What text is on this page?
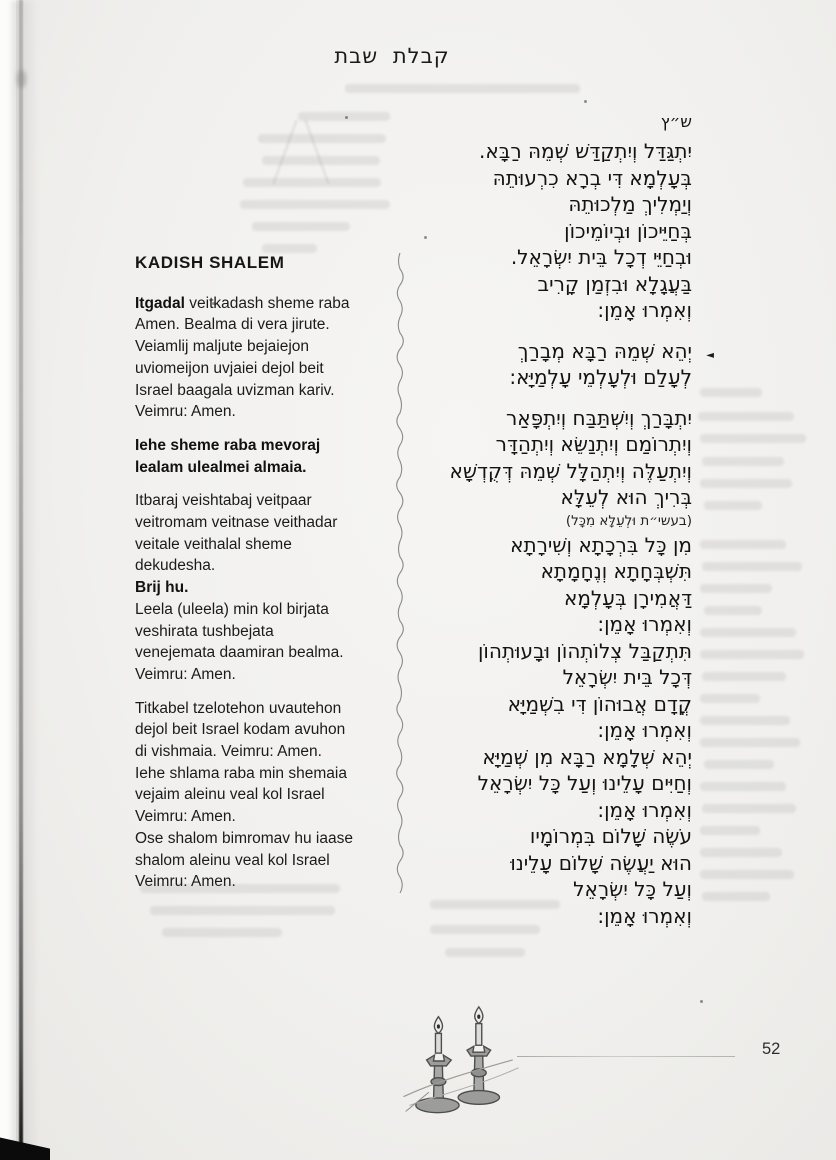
קבלת שבת
KADISH SHALEM
Itgadal veitkadash sheme raba
Amen. Bealma di vera jirute.
Veiamlij maljute bejaiejon
uviomeijon uvjaiei dejol beit
Israel baagala uvizman kariv.
Veimru: Amen.
Iehe sheme raba mevoraj
lealam ulealmei almaia.
Itbaraj veishtabaj veitpaar
veitromam veitnase veithadar
veitale veithalal sheme
dekudesha.
Brij hu.
Leela (uleela) min kol birjata
veshirata tushbejata
venejemata daamiran bealma.
Veimru: Amen.
Titkabel tzelotehon uvautehon
dejol beit Israel kodam avuhon
di vishmaia. Veimru: Amen.
Iehe shlama raba min shemaia
vejaim aleinu veal kol Israel
Veimru: Amen.
Ose shalom bimromav hu iaase
shalom aleinu veal kol Israel
Veimru: Amen.
ש״ץ
יִתְגַּדַּל וְיִתְקַדַּשׁ שְׁמֵהּ רַבָּא.
בְּעָלְמָא דִּי בְרָא כִרְעוּתֵהּ
וְיַמְלִיךְ מַלְכוּתֵהּ
בְּחַיֵּיכוֹן וּבְיוֹמֵיכוֹן
וּבְחַיֵּי דְכָל בֵּית יִשְׂרָאֵל.
בַּעֲגָלָא וּבִזְמַן קָרִיב
וְאִמְרוּ אָמֵן:
יְהֵא שְׁמֵהּ רַבָּא מְבָרַךְ ◄
לְעָלַם וּלְעָלְמֵי עָלְמַיָּא:
יִתְבָּרַךְ וְיִשְׁתַּבַּח וְיִתְפָּאַר
וְיִתְרוֹמַם וְיִתְנַשֵּׂא וְיִתְהַדָּר
וְיִתְעַלֶּה וְיִתְהַלָּל שְׁמֵהּ דְּקֻדְשָׁא
בְּרִיךְ הוּא לְעֵלָּא
(בעשי״ת וּלְעֵלָּא מִכָּל)
מִן כָּל בִּרְכָתָא וְשִׁירָתָא
תִּשְׁבְּחָתָא וְנֶחָמָתָא
דַּאֲמִירָן בְּעָלְמָא
וְאִמְרוּ אָמֵן:
תִּתְקַבַּל צְלוֹתְהוֹן וּבָעוּתְהוֹן
דְּכָל בֵּית יִשְׂרָאֵל
קֳדָם אֲבוּהוֹן דִּי בִשְׁמַיָּא
וְאִמְרוּ אָמֵן:
יְהֵא שְׁלָמָא רַבָּא מִן שְׁמַיָּא
וְחַיִּים עָלֵינוּ וְעַל כָּל יִשְׂרָאֵל
וְאִמְרוּ אָמֵן:
עֹשֶׂה שָׁלוֹם בִּמְרוֹמָיו
הוּא יַעֲשֶׂה שָׁלוֹם עָלֵינוּ
וְעַל כָּל יִשְׂרָאֵל
וְאִמְרוּ אָמֵן:
52
